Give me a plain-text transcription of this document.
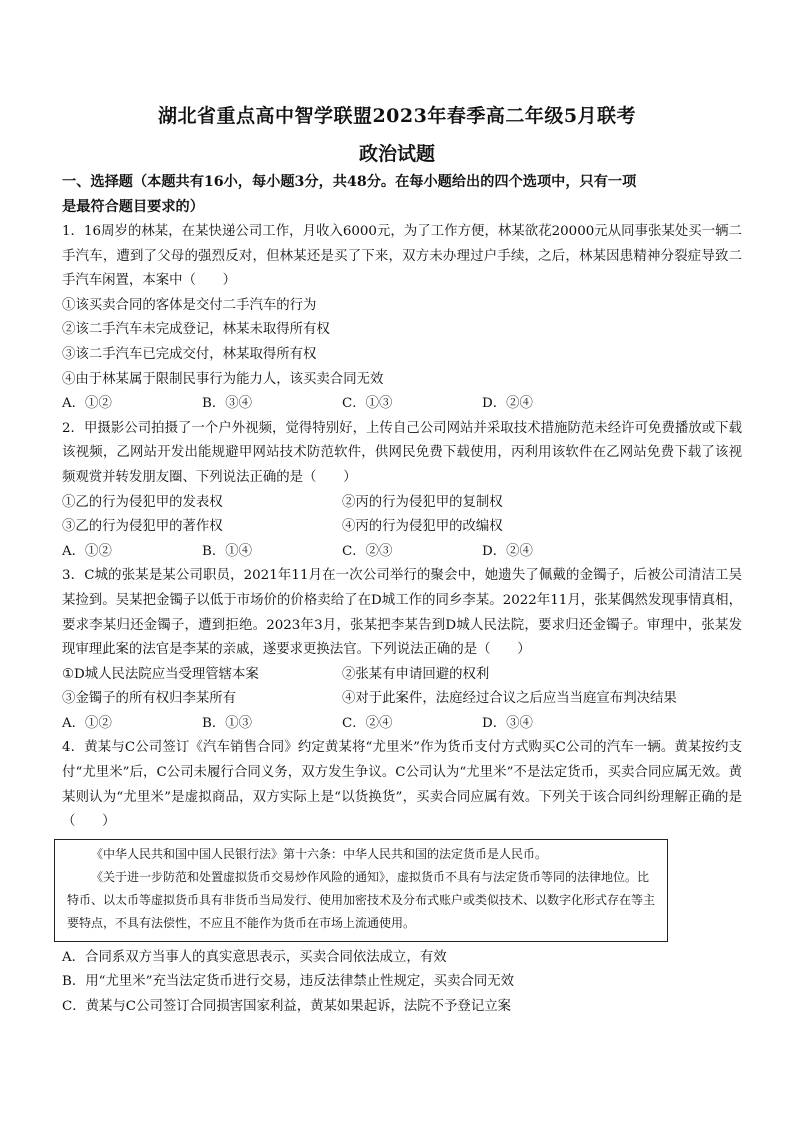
湖北省重点高中智学联盟2023年春季高二年级5月联考
政治试题

一、选择题（本题共有16小，每小题3分，共48分。在每小题给出的四个选项中，只有一项

是最符合题目要求的）

1．16周岁的林某，在某快递公司工作，月收入6000元，为了工作方便，林某欲花20000元从同事张某处买一辆二手汽车，遭到了父母的强烈反对，但林某还是买了下来，双方未办理过户手续，之后，林某因患精神分裂症导致二手汽车闲置，本案中（　　）

①该买卖合同的客体是交付二手汽车的行为

②该二手汽车未完成登记，林某未取得所有权

③该二手汽车已完成交付，林某取得所有权

④由于林某属于限制民事行为能力人，该买卖合同无效

A．①②	B．③④	C．①③	D．②④

2．甲摄影公司拍摄了一个户外视频，觉得特别好，上传自己公司网站并采取技术措施防范未经许可免费播放或下载该视频，乙网站开发出能规避甲网站技术防范软件，供网民免费下载使用，丙利用该软件在乙网站免费下载了该视频观赏并转发朋友圈、下列说法正确的是（　　）

①乙的行为侵犯甲的发表权	②丙的行为侵犯甲的复制权
③乙的行为侵犯甲的著作权	④丙的行为侵犯甲的改编权
A．①②	B．①④	C．②③	D．②④

3．C城的张某是某公司职员，2021年11月在一次公司举行的聚会中，她遗失了佩戴的金镯子，后被公司清洁工吴某捡到。吴某把金镯子以低于市场价的价格卖给了在D城工作的同乡李某。2022年11月，张某偶然发现事情真相，要求李某归还金镯子，遭到拒绝。2023年3月，张某把李某告到D城人民法院，要求归还金镯子。审理中，张某发现审理此案的法官是李某的亲戚，遂要求更换法官。下列说法正确的是（　　）

①D城人民法院应当受理管辖本案	②张某有申请回避的权利
③金镯子的所有权归李某所有	④对于此案件，法庭经过合议之后应当当庭宣布判决结果
A．①②	B．①③	C．②④	D．③④

4．黄某与C公司签订《汽车销售合同》约定黄某将“尤里米”作为货币支付方式购买C公司的汽车一辆。黄某按约支付“尤里米”后，C公司未履行合同义务，双方发生争议。C公司认为“尤里米”不是法定货币，买卖合同应属无效。黄某则认为“尤里米”是虚拟商品，双方实际上是“以货换货”，买卖合同应属有效。下列关于该合同纠纷理解正确的是（　　）

《中华人民共和国中国人民银行法》第十六条：中华人民共和国的法定货币是人民币。

《关于进一步防范和处置虚拟货币交易炒作风险的通知》，虚拟货币不具有与法定货币等同的法律地位。比特币、以太币等虚拟货币具有非货币当局发行、使用加密技术及分布式账户或类似技术、以数字化形式存在等主要特点，不具有法偿性，不应且不能作为货币在市场上流通使用。

A．合同系双方当事人的真实意思表示，买卖合同依法成立，有效

B．用“尤里米”充当法定货币进行交易，违反法律禁止性规定，买卖合同无效

C．黄某与C公司签订合同损害国家利益，黄某如果起诉，法院不予登记立案
